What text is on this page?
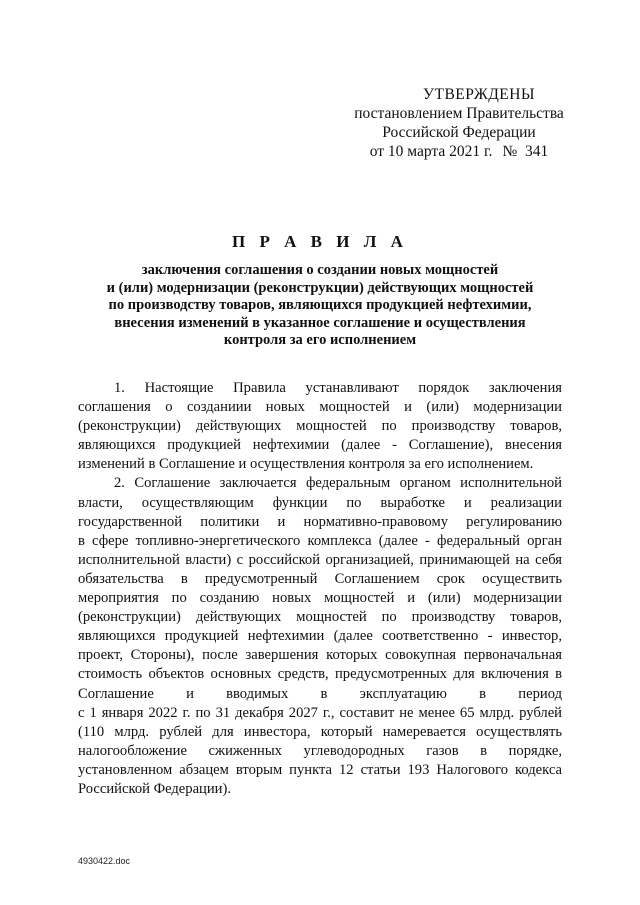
УТВЕРЖДЕНЫ
постановлением Правительства
Российской Федерации
от 10 марта 2021 г. № 341
П Р А В И Л А
заключения соглашения о создании новых мощностей
и (или) модернизации (реконструкции) действующих мощностей
по производству товаров, являющихся продукцией нефтехимии,
внесения изменений в указанное соглашение и осуществления
контроля за его исполнением
1. Настоящие Правила устанавливают порядок заключения
соглашения о созданиии новых мощностей и (или) модернизации
(реконструкции) действующих мощностей по производству товаров,
являющихся продукцией нефтехимии (далее - Соглашение), внесения
изменений в Соглашение и осуществления контроля за его исполнением.
2. Соглашение заключается федеральным органом исполнительной
власти, осуществляющим функции по выработке и реализации
государственной политики и нормативно-правовому регулированию
в сфере топливно-энергетического комплекса (далее - федеральный орган
исполнительной власти) с российской организацией, принимающей на себя
обязательства в предусмотренный Соглашением срок осуществить
мероприятия по созданию новых мощностей и (или) модернизации
(реконструкции) действующих мощностей по производству товаров,
являющихся продукцией нефтехимии (далее соответственно - инвестор,
проект, Стороны), после завершения которых совокупная первоначальная
стоимость объектов основных средств, предусмотренных для включения в
Соглашение и вводимых в эксплуатацию в период
с 1 января 2022 г. по 31 декабря 2027 г., составит не менее 65 млрд. рублей
(110 млрд. рублей для инвестора, который намеревается осуществлять
налогообложение сжиженных углеводородных газов в порядке,
установленном абзацем вторым пункта 12 статьи 193 Налогового кодекса
Российской Федерации).
4930422.doc
